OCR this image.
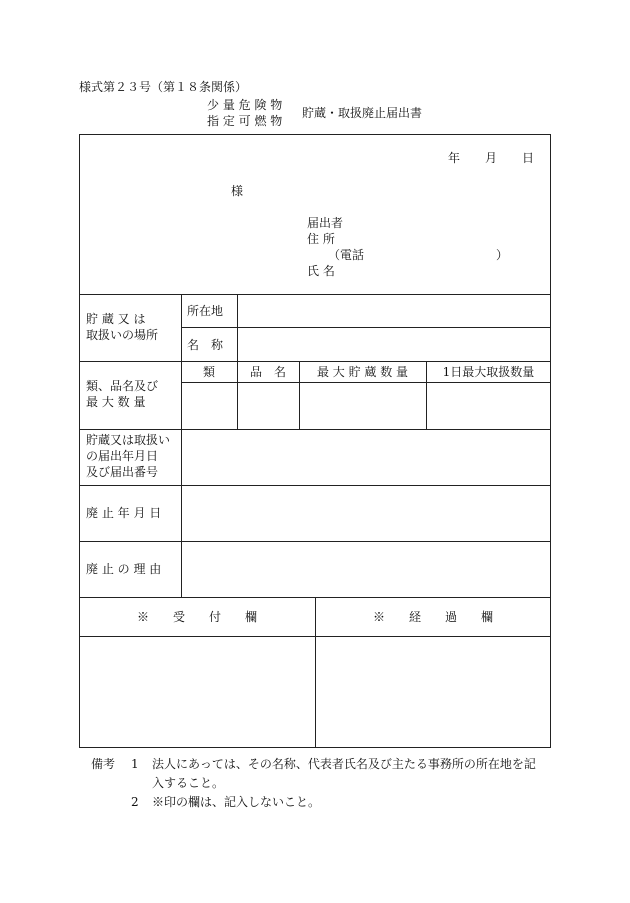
様式第２３号（第１８条関係）
少 量 危 険 物
指 定 可 燃 物
貯蔵・取扱廃止届出書
年 月 日
様
届出者
住 所
（電話	）
氏 名
貯 蔵 又 は
取扱いの場所
所在地
名　称
類、品名及び
最 大 数 量
類	品　名	最 大 貯 蔵 数 量	1日最大取扱数量
貯蔵又は取扱い
の届出年月日
及び届出番号
廃 止 年 月 日
廃 止 の 理 由
※　　受　　付　　欄	※　　経　　過　　欄
備考 1 法人にあっては、その名称、代表者氏名及び主たる事務所の所在地を記
入すること。
2 ※印の欄は、記入しないこと。
